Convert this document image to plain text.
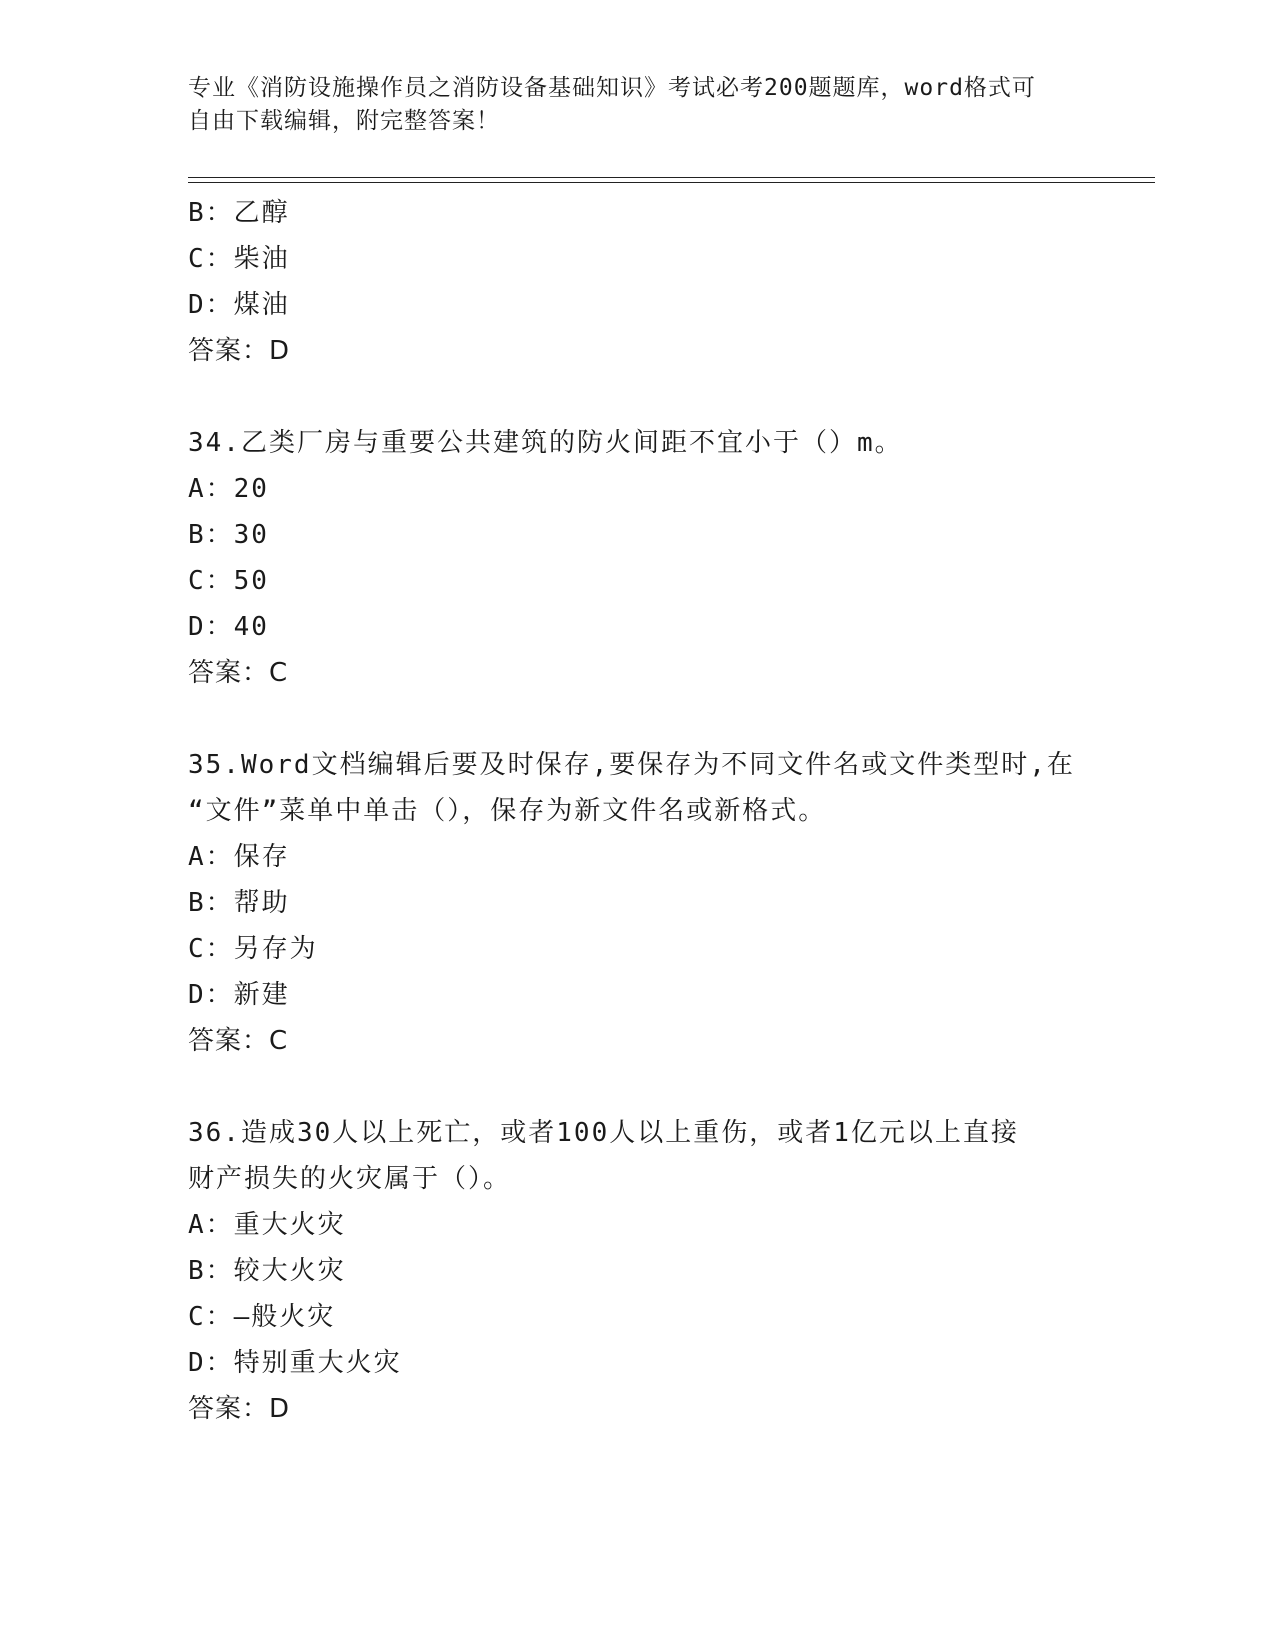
专业《消防设施操作员之消防设备基础知识》考试必考200题题库，word格式可

自由下载编辑，附完整答案！

B：乙醇
C：柴油
D：煤油
答案：D
34.乙类厂房与重要公共建筑的防火间距不宜小于（）m。
A：20
B：30
C：50
D：40
答案：C
35.Word文档编辑后要及时保存,要保存为不同文件名或文件类型时,在
“文件”菜单中单击（），保存为新文件名或新格式。
A：保存
B：帮助
C：另存为
D：新建
答案：C
36.造成30人以上死亡，或者100人以上重伤，或者1亿元以上直接
财产损失的火灾属于（）。
A：重大火灾
B：较大火灾
C：—般火灾
D：特别重大火灾
答案：D
